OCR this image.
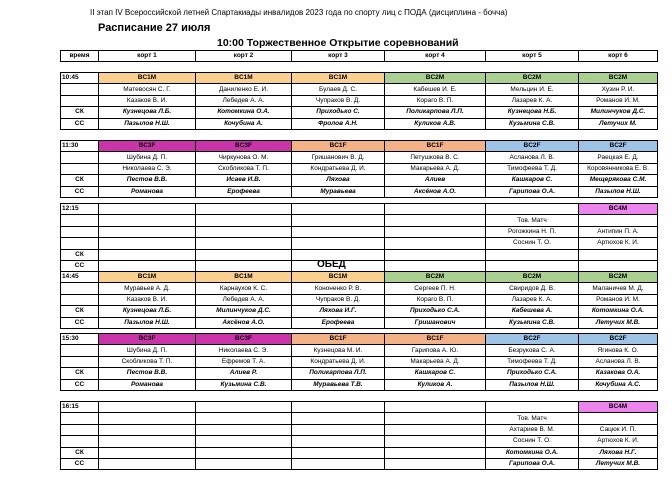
II этап IV Всероссийской летней Спартакиады инвалидов 2023 года по спорту лиц с ПОДА (дисциплина - бочча)
Расписание 27 июля
10:00 Торжественное Открытие соревнований
ОБЕД
время	корт 1	корт 2	корт 3	корт 4	корт 5	корт 6
10:45	BC1M	BC1M	BC1M	BC2M	BC2M	BC2M
	Матевосян С. Г.	Даниленко Е. И.	Булаев Д. С.	Кабешев И. Е.	Мельцин И. Е.	Хузин Р. И.
	Казаков В. И.	Лебедев А. А.	Чупраков В. Д.	Кораго В. П.	Лазарев К. А.	Романов И. М.
СК	Кузнецова Л.Б.	Котомкина О.А.	Приходько С.	Поликарпова Л.П.	Кузнецова Н.Б.	Милинчуков Д.С.
СС	Пазылов Н.Ш.	Кочубина А.	Фролов А.Н.	Куликов А.В.	Кузьмина С.В.	Летучих М.
11:30	BC3F	BC3F	BC1F	BC1F	BC2F	BC2F
	Шубина Д. П.	Чиркунова О. М.	Гришанович В. Д.	Петушкова В. С.	Асланова Л. В.	Раецкая Е. Д.
	Николаева С. Э.	Скобликова Т. П.	Кондратьева Д. И.	Макарьева А. Д.	Тимофеева Т. Д.	Коровянникова Е. В.
СК	Пестов В.В.	Исаев И.В.	Ляхова	Алиев	Кашкаров С.	Мещерякова С.М.
СС	Романова	Ерофеева	Муравьева	Аксёнов А.О.	Гарипова О.А.	Пазылов Н.Ш.
12:15						BC4M
					Тов. Матч	
					Рогожкина Н. П.	Антипин П. А.
					Соснин Т. О.	Артюхов К. И.
СК						
СС						
14:45	BC1M	BC1M	BC1M	BC2M	BC2M	BC2M
	Муравьев А. Д.	Карнаухов К. С.	Кононенко Р. В.	Сергеев П. Н.	Свиридов Д. В.	Маланичев М. Д.
	Казаков В. И.	Лебедев А. А.	Чупраков В. Д.	Кораго В. П.	Лазарев К. А.	Романов И. М.
СК	Кузнецова Л.Б.	Милинчуков Д.С.	Ляхова И.Г.	Приходько С.А.	Кабешева А.	Котомкина О.А.
СС	Пазылов Н.Ш.	Аксёнов А.О.	Ерофеева	Гришанович	Кузьмина С.В.	Летучих М.В.
15:30	BC3F	BC3F	BC1F	BC1F	BC2F	BC2F
	Шубина Д. П.	Николаева С. Э.	Кузнецова М. И.	Гарипова А. Ю.	Безрукова С. А.	Ягинова К. О.
	Скобликова Т. П.	Ефремов Т. А.	Кондратьева Д. И.	Макарьева А. Д.	Тимофеева Т. Д.	Асланова Л. В.
СК	Пестов В.В.	Алиев Р.	Поликарпова Л.П.	Кашкаров С.	Приходько С.А.	Казакова О.А.
СС	Романова	Кузьмина С.В.	Муравьева Т.В.	Куликов А.	Пазылов Н.Ш.	Кочубина А.С.
16:15						BC4M
					Тов. Матч	
					Ахтариев В. М.	Сацюк И. П.
					Соснин Т. О.	Артюхов К. И.
СК					Котомкина О.А.	Ляхова Н.Г.
СС					Гарипова О.А.	Летучих М.В.
